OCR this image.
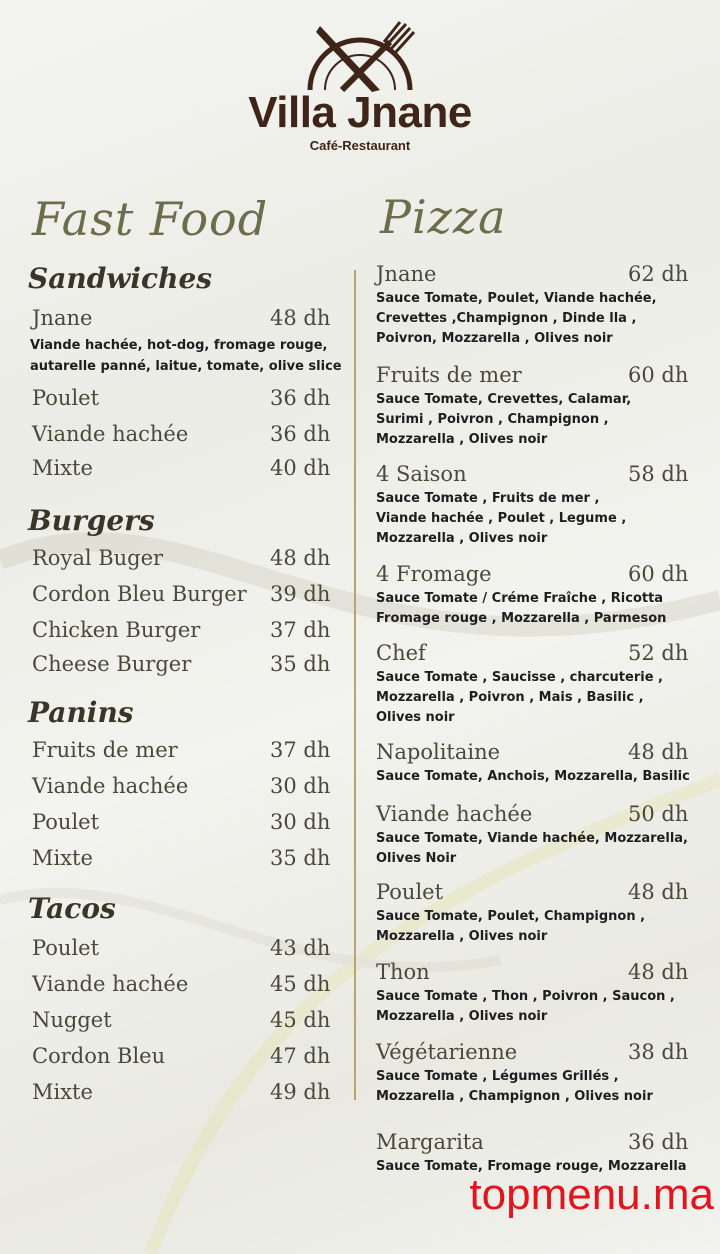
Villa Jnane
Café-Restaurant
Fast Food Pizza
Sandwiches
Jnane	48 dh
Viande hachée, hot-dog, fromage rouge,
autarelle panné, laitue, tomate, olive slice
Poulet	36 dh
Viande hachée	36 dh
Mixte	40 dh
Burgers
Royal Buger	48 dh
Cordon Bleu Burger 39 dh
Chicken Burger	37 dh
Cheese Burger	35 dh
Panins
Fruits de mer	37 dh
Viande hachée	30 dh
Poulet	30 dh
Mixte	35 dh
Tacos
Poulet	43 dh
Viande hachée	45 dh
Nugget	45 dh
Cordon Bleu	47 dh
Mixte	49 dh
Jnane	62 dh
Sauce Tomate, Poulet, Viande hachée,
Crevettes ,Champignon , Dinde lla ,
Poivron, Mozzarella , Olives noir
Fruits de mer	60 dh
Sauce Tomate, Crevettes, Calamar,
Surimi , Poivron , Champignon ,
Mozzarella , Olives noir
4 Saison	58 dh
Sauce Tomate , Fruits de mer ,
Viande hachée , Poulet , Legume ,
Mozzarella , Olives noir
4 Fromage	60 dh
Sauce Tomate / Créme Fraîche , Ricotta
Fromage rouge , Mozzarella , Parmeson
Chef	52 dh
Sauce Tomate , Saucisse , charcuterie ,
Mozzarella , Poivron , Mais , Basilic ,
Olives noir
Napolitaine	48 dh
Sauce Tomate, Anchois, Mozzarella, Basilic
Viande hachée	50 dh
Sauce Tomate, Viande hachée, Mozzarella,
Olives Noir
Poulet	48 dh
Sauce Tomate, Poulet, Champignon ,
Mozzarella , Olives noir
Thon	48 dh
Sauce Tomate , Thon , Poivron , Saucon ,
Mozzarella , Olives noir
Végétarienne	38 dh
Sauce Tomate , Légumes Grillés ,
Mozzarella , Champignon , Olives noir
Margarita	36 dh
Sauce Tomate, Fromage rouge, Mozzarella
topmenu.ma
